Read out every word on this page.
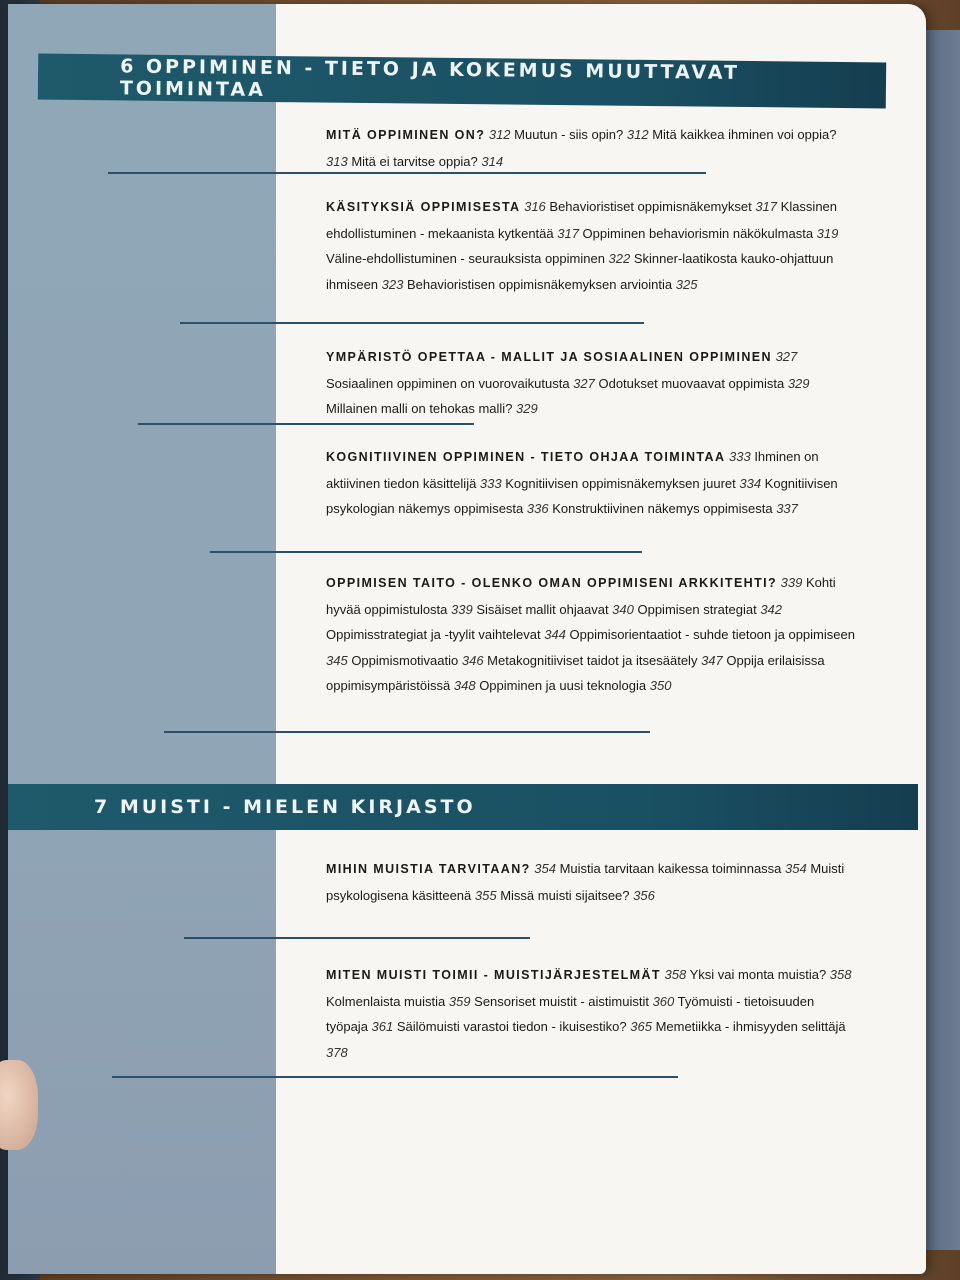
6 OPPIMINEN - TIETO JA KOKEMUS MUUTTAVAT TOIMINTAA
MITÄ OPPIMINEN ON? 312 Muutun - siis opin? 312 Mitä kaikkea ihminen voi oppia? 313 Mitä ei tarvitse oppia? 314
KÄSITYKSIÄ OPPIMISESTA 316 Behavioristiset oppimisnäkemykset 317 Klassinen ehdollistuminen - mekaanista kytkentää 317 Oppiminen behaviorismin näkökulmasta 319 Väline-ehdollistuminen - seurauksista oppiminen 322 Skinner-laatikosta kauko-ohjattuun ihmiseen 323 Behavioristisen oppimisnäkemyksen arviointia 325
YMPÄRISTÖ OPETTAA - MALLIT JA SOSIAALINEN OPPIMINEN 327 Sosiaalinen oppiminen on vuorovaikutusta 327 Odotukset muovaavat oppimista 329 Millainen malli on tehokas malli? 329
KOGNITIIVINEN OPPIMINEN - TIETO OHJAA TOIMINTAA 333 Ihminen on aktiivinen tiedon käsittelijä 333 Kognitiivisen oppimisnäkemyksen juuret 334 Kognitiivisen psykologian näkemys oppimisesta 336 Konstruktiivinen näkemys oppimisesta 337
OPPIMISEN TAITO - OLENKO OMAN OPPIMISENI ARKKITEHTI? 339 Kohti hyvää oppimistulosta 339 Sisäiset mallit ohjaavat 340 Oppimisen strategiat 342 Oppimisstrategiat ja -tyylit vaihtelevat 344 Oppimisorientaatiot - suhde tietoon ja oppimiseen 345 Oppimismotivaatio 346 Metakognitiiviset taidot ja itsesäätely 347 Oppija erilaisissa oppimisympäristöissä 348 Oppiminen ja uusi teknologia 350
7 MUISTI - MIELEN KIRJASTO
MIHIN MUISTIA TARVITAAN? 354 Muistia tarvitaan kaikessa toiminnassa 354 Muisti psykologisena käsitteenä 355 Missä muisti sijaitsee? 356
MITEN MUISTI TOIMII - MUISTIJÄRJESTELMÄT 358 Yksi vai monta muistia? 358 Kolmenlaista muistia 359 Sensoriset muistit - aistimuistit 360 Työmuisti - tietoisuuden työpaja 361 Säilömuisti varastoi tiedon - ikuisestiko? 365 Memetiikka - ihmisyyden selittäjä 378
